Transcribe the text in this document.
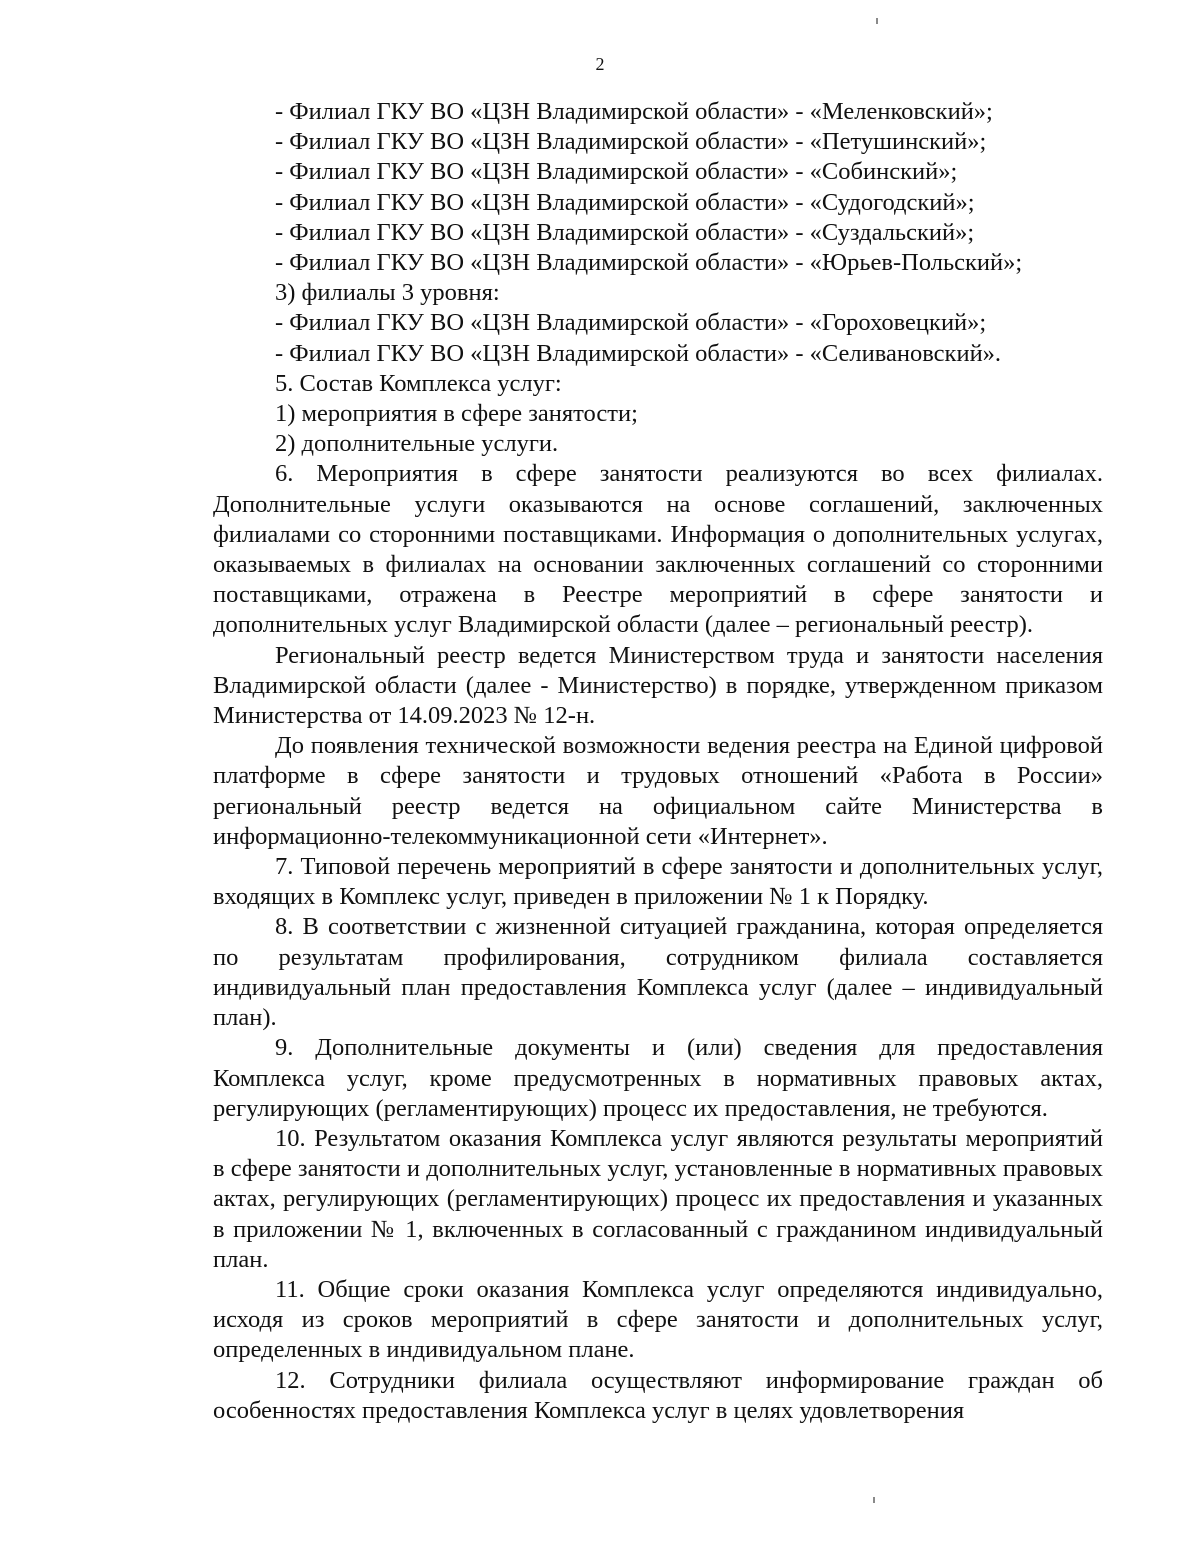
2
- Филиал ГКУ ВО «ЦЗН Владимирской области» - «Меленковский»;
- Филиал ГКУ ВО «ЦЗН Владимирской области» - «Петушинский»;
- Филиал ГКУ ВО «ЦЗН Владимирской области» - «Собинский»;
- Филиал ГКУ ВО «ЦЗН Владимирской области» - «Судогодский»;
- Филиал ГКУ ВО «ЦЗН Владимирской области» - «Суздальский»;
- Филиал ГКУ ВО «ЦЗН Владимирской области» - «Юрьев-Польский»;
3) филиалы 3 уровня:
- Филиал ГКУ ВО «ЦЗН Владимирской области» - «Гороховецкий»;
- Филиал ГКУ ВО «ЦЗН Владимирской области» - «Селивановский».
5. Состав Комплекса услуг:
1) мероприятия в сфере занятости;
2) дополнительные услуги.

6. Мероприятия в сфере занятости реализуются во всех филиалах. Дополнительные услуги оказываются на основе соглашений, заключенных филиалами со сторонними поставщиками. Информация о дополнительных услугах, оказываемых в филиалах на основании заключенных соглашений со сторонними поставщиками, отражена в Реестре мероприятий в сфере занятости и дополнительных услуг Владимирской области (далее – региональный реестр).

Региональный реестр ведется Министерством труда и занятости населения Владимирской области (далее - Министерство) в порядке, утвержденном приказом Министерства от 14.09.2023 № 12-н.

До появления технической возможности ведения реестра на Единой цифровой платформе в сфере занятости и трудовых отношений «Работа в России» региональный реестр ведется на официальном сайте Министерства в информационно-телекоммуникационной сети «Интернет».

7. Типовой перечень мероприятий в сфере занятости и дополнительных услуг, входящих в Комплекс услуг, приведен в приложении № 1 к Порядку.

8. В соответствии с жизненной ситуацией гражданина, которая определяется по результатам профилирования, сотрудником филиала составляется индивидуальный план предоставления Комплекса услуг (далее – индивидуальный план).

9. Дополнительные документы и (или) сведения для предоставления Комплекса услуг, кроме предусмотренных в нормативных правовых актах, регулирующих (регламентирующих) процесс их предоставления, не требуются.

10. Результатом оказания Комплекса услуг являются результаты мероприятий в сфере занятости и дополнительных услуг, установленные в нормативных правовых актах, регулирующих (регламентирующих) процесс их предоставления и указанных в приложении № 1, включенных в согласованный с гражданином индивидуальный план.

11. Общие сроки оказания Комплекса услуг определяются индивидуально, исходя из сроков мероприятий в сфере занятости и дополнительных услуг, определенных в индивидуальном плане.

12. Сотрудники филиала осуществляют информирование граждан об особенностях предоставления Комплекса услуг в целях удовлетворения
